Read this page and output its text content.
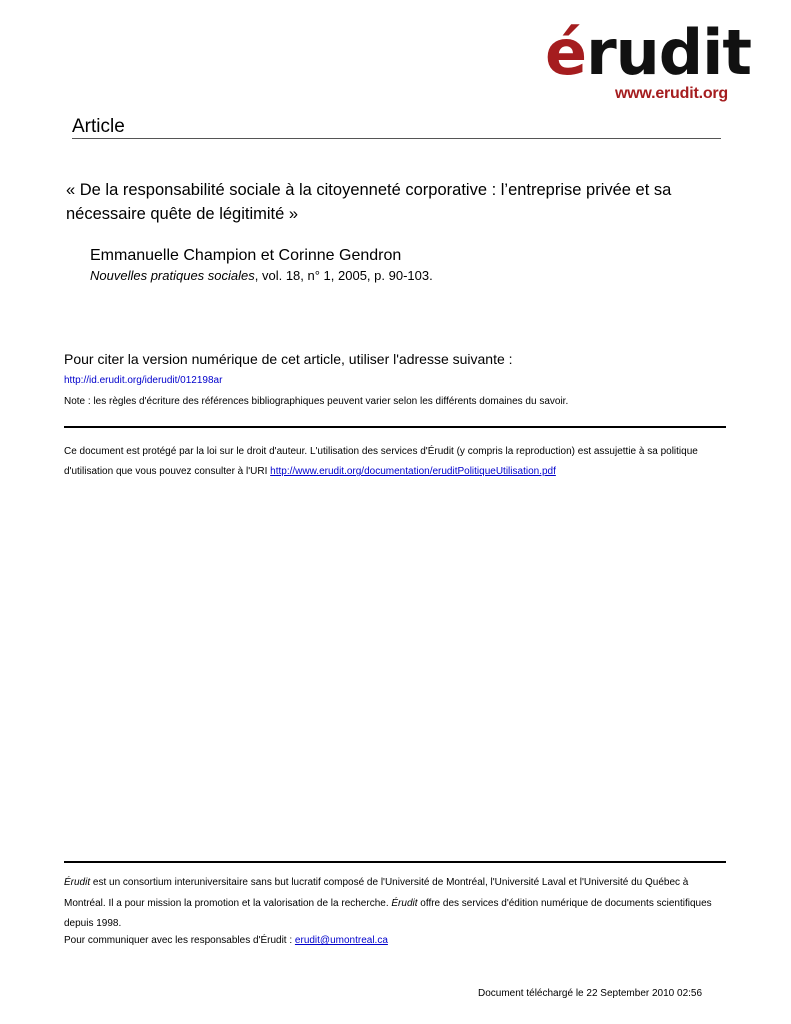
érudit
www.erudit.org
Article
« De la responsabilité sociale à la citoyenneté corporative : l’entreprise privée et sa nécessaire quête de légitimité »
Emmanuelle Champion et Corinne Gendron
Nouvelles pratiques sociales, vol. 18, n° 1, 2005, p. 90-103.
Pour citer la version numérique de cet article, utiliser l'adresse suivante :
http://id.erudit.org/iderudit/012198ar
Note : les règles d'écriture des références bibliographiques peuvent varier selon les différents domaines du savoir.
Ce document est protégé par la loi sur le droit d'auteur. L'utilisation des services d'Érudit (y compris la reproduction) est assujettie à sa politique d'utilisation que vous pouvez consulter à l'URI http://www.erudit.org/documentation/eruditPolitiqueUtilisation.pdf
Érudit est un consortium interuniversitaire sans but lucratif composé de l'Université de Montréal, l'Université Laval et l'Université du Québec à Montréal. Il a pour mission la promotion et la valorisation de la recherche. Érudit offre des services d'édition numérique de documents scientifiques depuis 1998.
Pour communiquer avec les responsables d'Érudit : erudit@umontreal.ca
Document téléchargé le 22 September 2010 02:56
